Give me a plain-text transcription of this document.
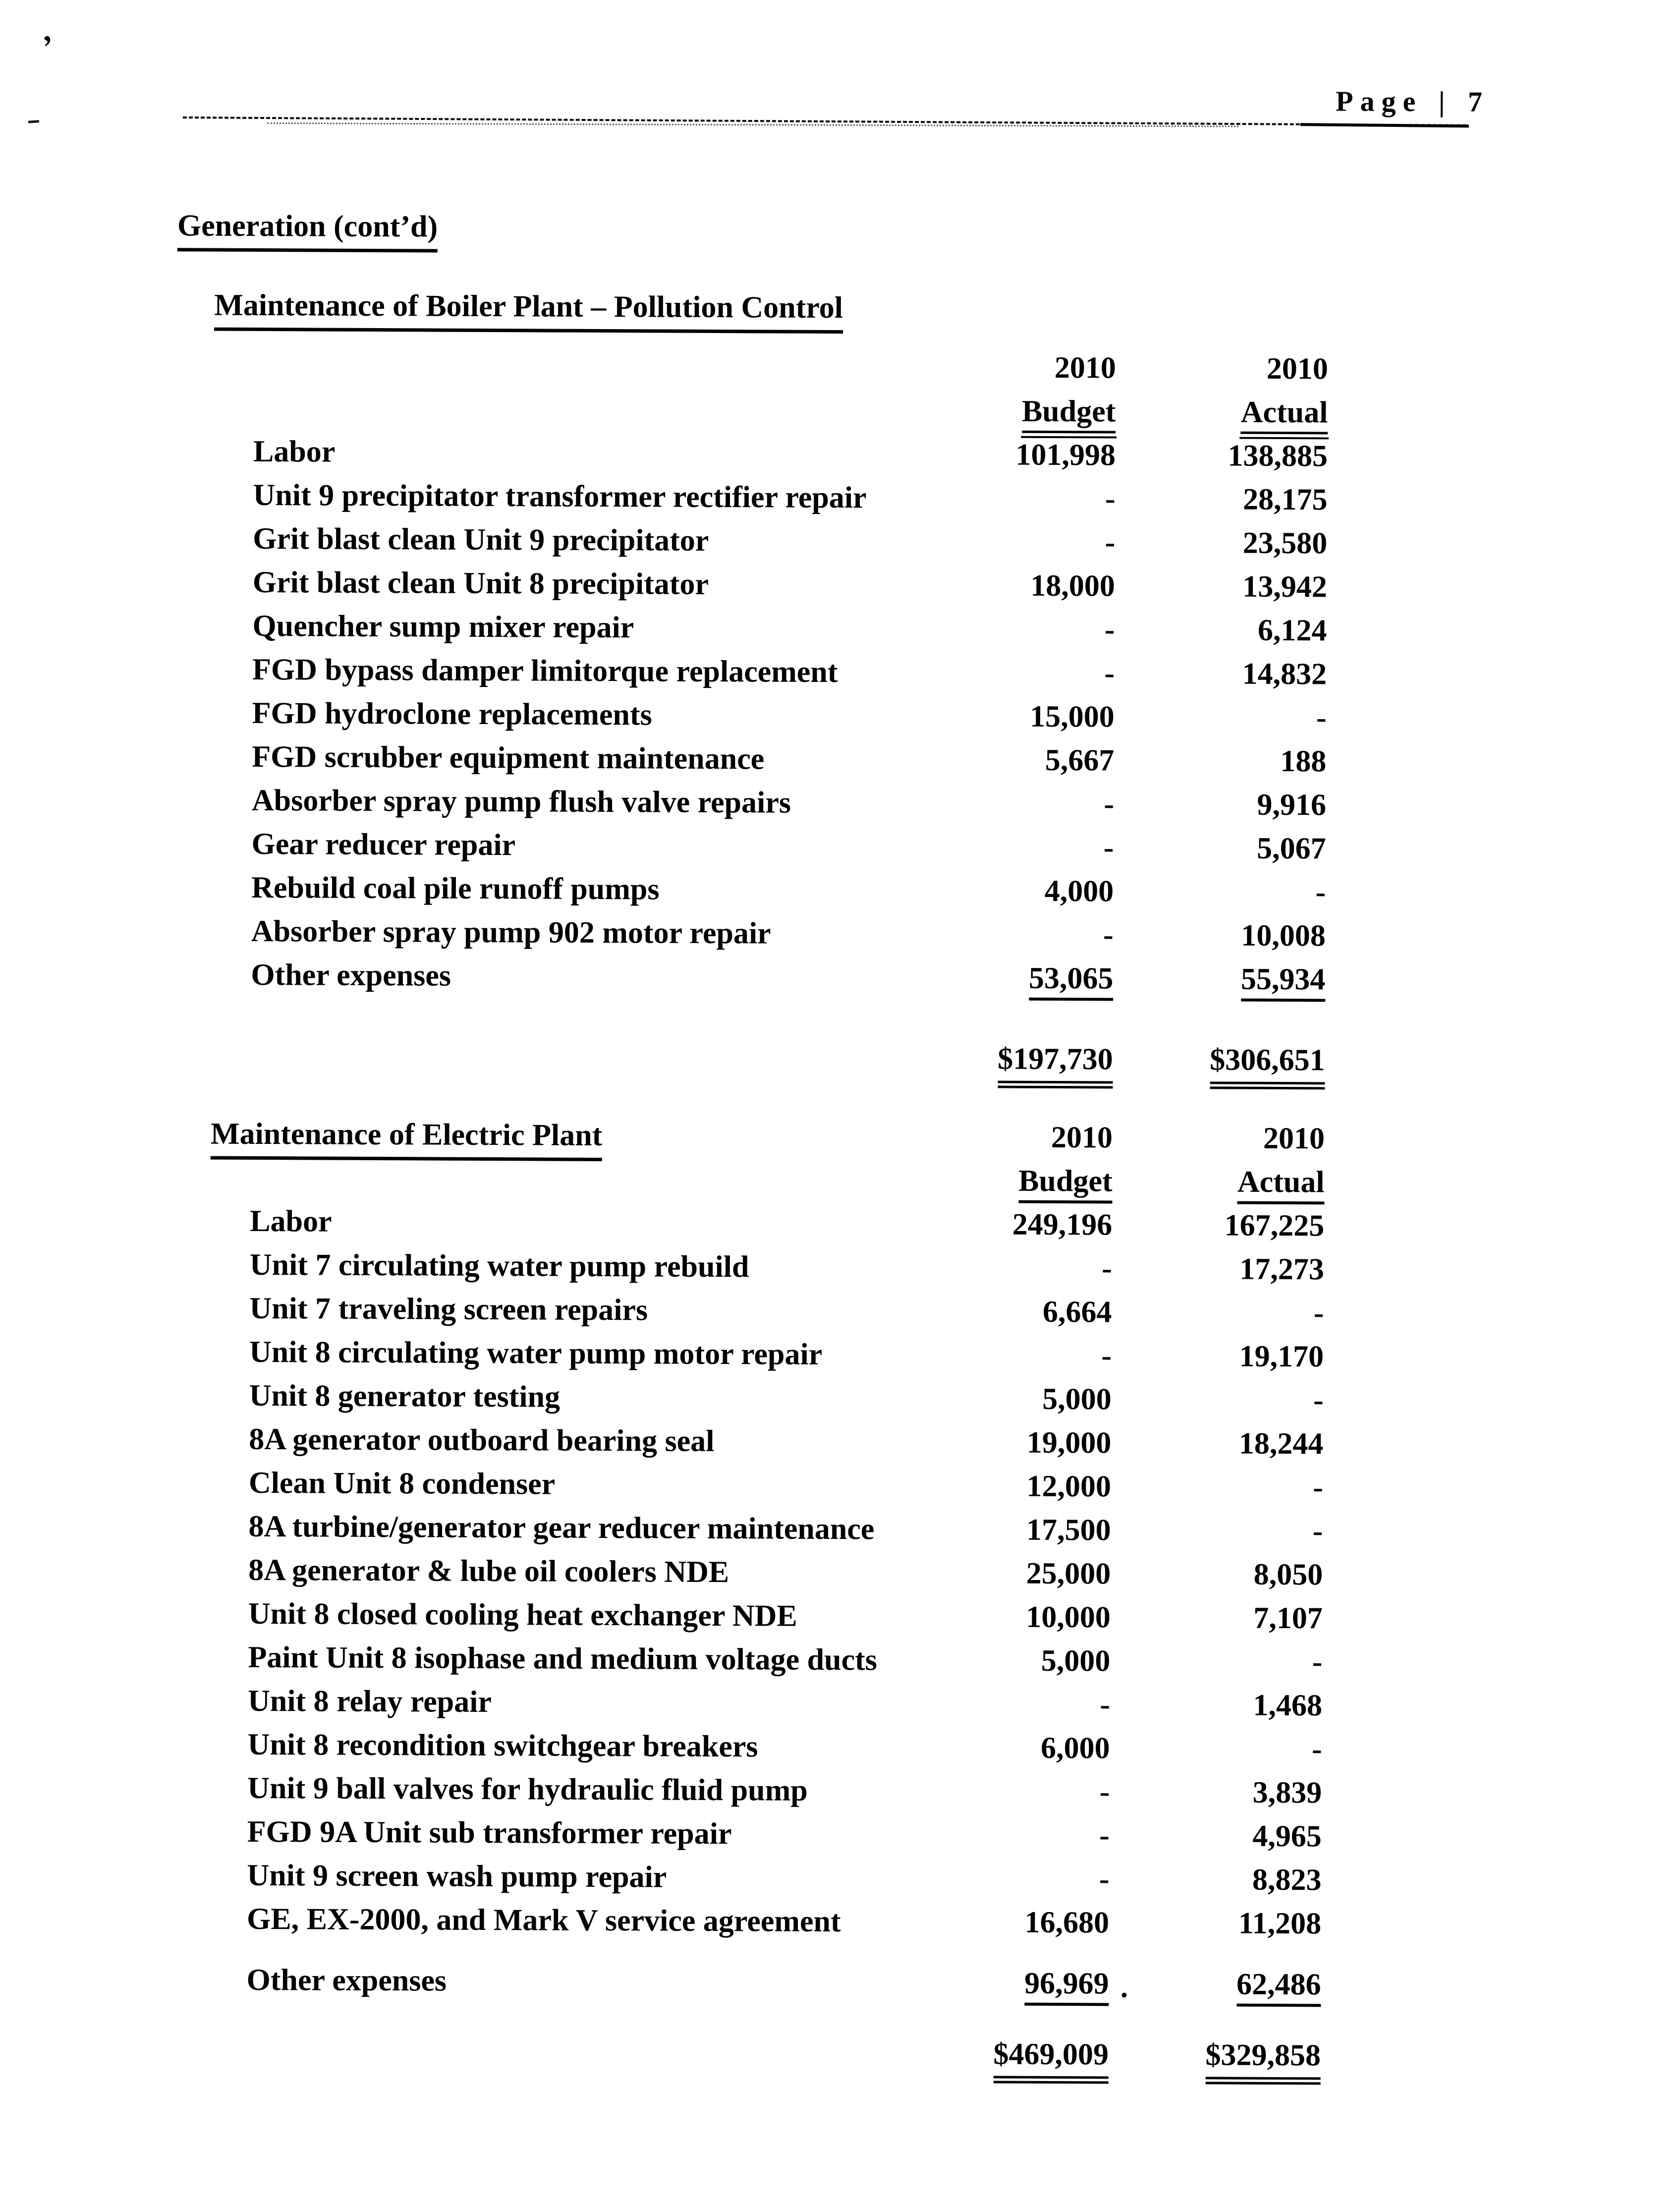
’
Page | 7
Generation (cont’d)
Maintenance of Boiler Plant – Pollution Control
2010	2010
Budget	Actual
Labor	101,998	138,885
Unit 9 precipitator transformer rectifier repair	-	28,175
Grit blast clean Unit 9 precipitator	-	23,580
Grit blast clean Unit 8 precipitator	18,000	13,942
Quencher sump mixer repair	-	6,124
FGD bypass damper limitorque replacement	-	14,832
FGD hydroclone replacements	15,000	-
FGD scrubber equipment maintenance	5,667	188
Absorber spray pump flush valve repairs	-	9,916
Gear reducer repair	-	5,067
Rebuild coal pile runoff pumps	4,000	-
Absorber spray pump 902 motor repair	-	10,008
Other expenses	53,065	55,934
$197,730	$306,651
Maintenance of Electric Plant	2010	2010
Budget	Actual
Labor	249,196	167,225
Unit 7 circulating water pump rebuild	-	17,273
Unit 7 traveling screen repairs	6,664	-
Unit 8 circulating water pump motor repair	-	19,170
Unit 8 generator testing	5,000	-
8A generator outboard bearing seal	19,000	18,244
Clean Unit 8 condenser	12,000	-
8A turbine/generator gear reducer maintenance	17,500	-
8A generator & lube oil coolers NDE	25,000	8,050
Unit 8 closed cooling heat exchanger NDE	10,000	7,107
Paint Unit 8 isophase and medium voltage ducts	5,000	-
Unit 8 relay repair	-	1,468
Unit 8 recondition switchgear breakers	6,000	-
Unit 9 ball valves for hydraulic fluid pump	-	3,839
FGD 9A Unit sub transformer repair	-	4,965
Unit 9 screen wash pump repair	-	8,823
GE, EX-2000, and Mark V service agreement	16,680	11,208
Other expenses	96,969	62,486
$469,009	$329,858
